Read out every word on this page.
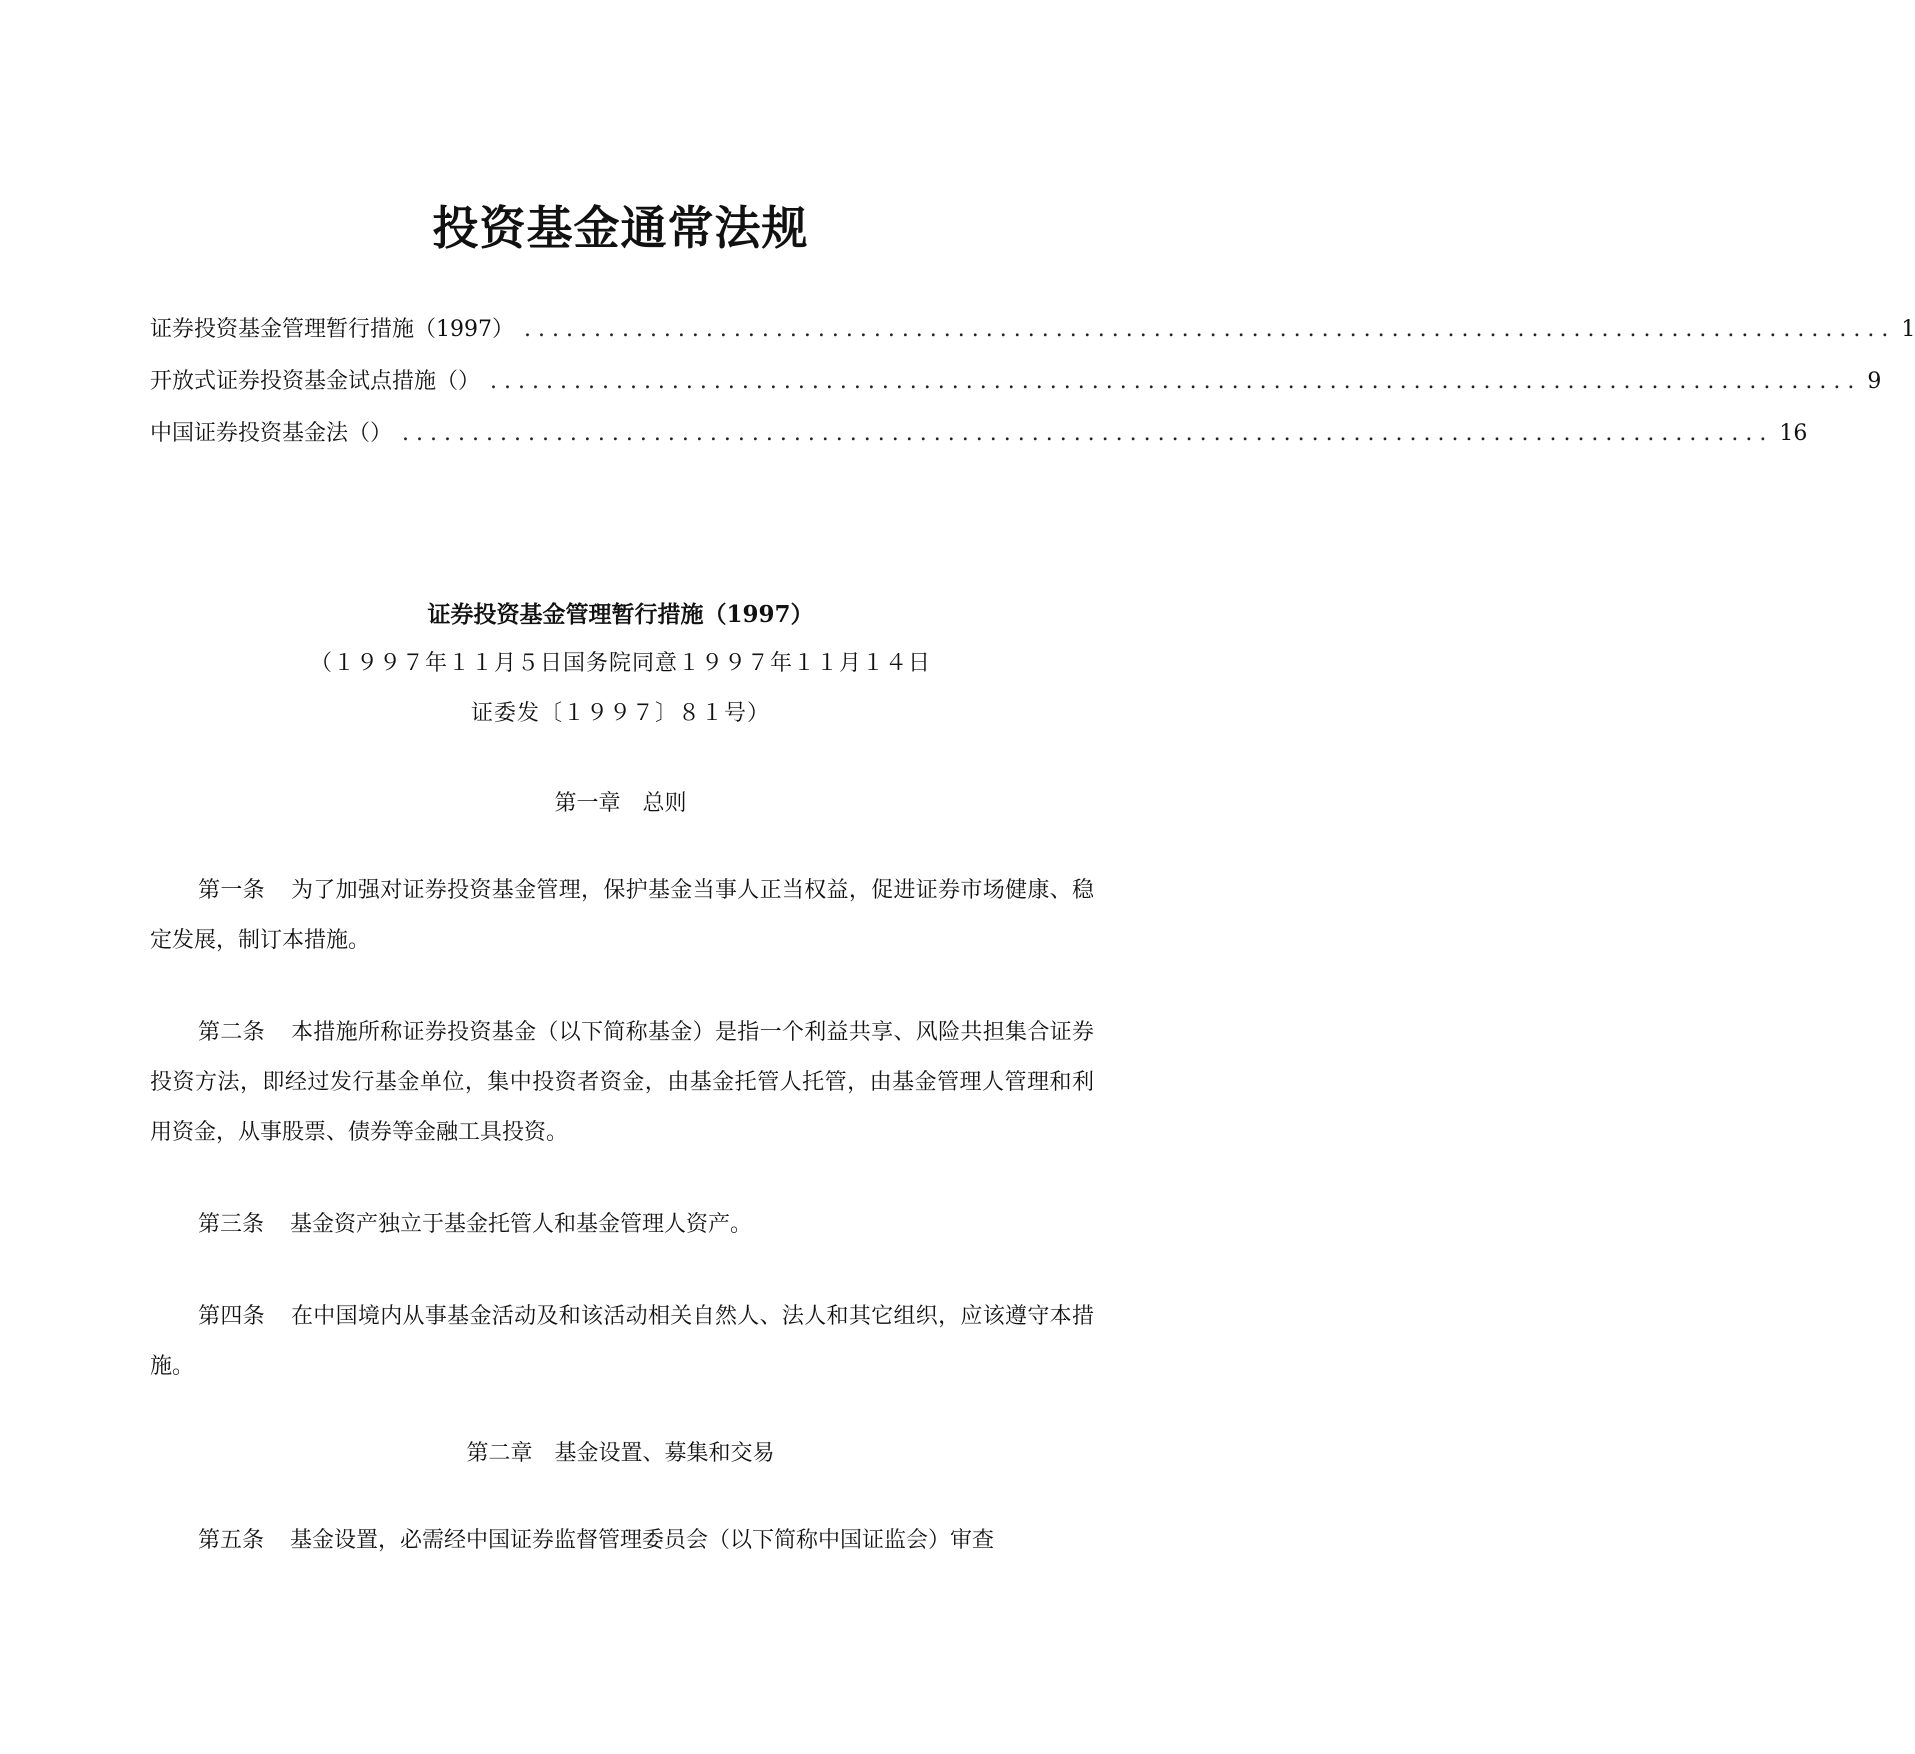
投资基金通常法规
证券投资基金管理暂行措施（1997） .................................................................................................. 1
开放式证券投资基金试点措施（） .................................................................................................. 9
中国证券投资基金法（） .................................................................................................. 16
证券投资基金管理暂行措施（1997）
（１９９７年１１月５日国务院同意１９９７年１１月１４日
证委发〔１９９７〕８１号）
第一章　总则
第一条 为了加强对证券投资基金管理，保护基金当事人正当权益，促进证券市场健康、稳定发展，制订本措施。
第二条 本措施所称证券投资基金（以下简称基金）是指一个利益共享、风险共担集合证券投资方法，即经过发行基金单位，集中投资者资金，由基金托管人托管，由基金管理人管理和利用资金，从事股票、债券等金融工具投资。
第三条 基金资产独立于基金托管人和基金管理人资产。
第四条 在中国境内从事基金活动及和该活动相关自然人、法人和其它组织，应该遵守本措施。
第二章　基金设置、募集和交易
第五条 基金设置，必需经中国证券监督管理委员会（以下简称中国证监会）审查
